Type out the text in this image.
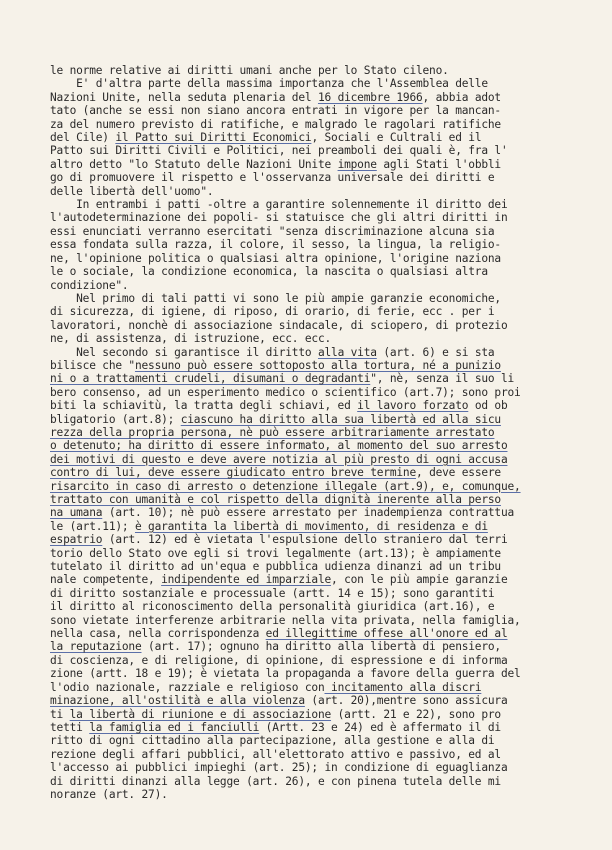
le norme relative ai diritti umani anche per lo Stato cileno.
E' d'altra parte della massima importanza che l'Assemblea delle
Nazioni Unite, nella seduta plenaria del 16 dicembre 1966, abbia adot
tato (anche se essi non siano ancora entrati in vigore per la mancan-
za del numero previsto di ratifiche, e malgrado le ragolari ratifiche
del Cile) il Patto sui Diritti Economici, Sociali e Cultrali ed il
Patto sui Diritti Civili e Politici, nei preamboli dei quali è, fra l'
altro detto "lo Statuto delle Nazioni Unite impone agli Stati l'obbli
go di promuovere il rispetto e l'osservanza universale dei diritti e
delle libertà dell'uomo".
In entrambi i patti -oltre a garantire solennemente il diritto dei
l'autodeterminazione dei popoli- si statuisce che gli altri diritti in
essi enunciati verranno esercitati "senza discriminazione alcuna sia
essa fondata sulla razza, il colore, il sesso, la lingua, la religio-
ne, l'opinione politica o qualsiasi altra opinione, l'origine naziona
le o sociale, la condizione economica, la nascita o qualsiasi altra
condizione".
Nel primo di tali patti vi sono le più ampie garanzie economiche,
di sicurezza, di igiene, di riposo, di orario, di ferie, ecc . per i
lavoratori, nonchè di associazione sindacale, di sciopero, di protezio
ne, di assistenza, di istruzione, ecc. ecc.
Nel secondo si garantisce il diritto alla vita (art. 6) e si sta
bilisce che "nessuno può essere sottoposto alla tortura, né a punizio
ni o a trattamenti crudeli, disumani o degradanti", nè, senza il suo li
bero consenso, ad un esperimento medico o scientifico (art.7); sono proi
biti la schiavitù, la tratta degli schiavi, ed il lavoro forzato od ob
bligatorio (art.8); ciascuno ha diritto alla sua libertà ed alla sicu
rezza della propria persona, nè può essere arbitrariamente arrestato
o detenuto; ha diritto di essere informato, al momento del suo arresto
dei motivi di questo e deve avere notizia al più presto di ogni accusa
contro di lui, deve essere giudicato entro breve termine, deve essere
risarcito in caso di arresto o detenzione illegale (art.9), e, comunque,
trattato con umanità e col rispetto della dignità inerente alla perso
na umana (art. 10); nè può essere arrestato per inadempienza contrattua
le (art.11); è garantita la libertà di movimento, di residenza e di
espatrio (art. 12) ed è vietata l'espulsione dello straniero dal terri
torio dello Stato ove egli si trovi legalmente (art.13); è ampiamente
tutelato il diritto ad un'equa e pubblica udienza dinanzi ad un tribu
nale competente, indipendente ed imparziale, con le più ampie garanzie
di diritto sostanziale e processuale (artt. 14 e 15); sono garantiti
il diritto al riconoscimento della personalità giuridica (art.16), e
sono vietate interferenze arbitrarie nella vita privata, nella famiglia,
nella casa, nella corrispondenza ed illegittime offese all'onore ed al
la reputazione (art. 17); ognuno ha diritto alla libertà di pensiero,
di coscienza, e di religione, di opinione, di espressione e di informa
zione (artt. 18 e 19); è vietata la propaganda a favore della guerra del
l'odio nazionale, razziale e religioso con incitamento alla discri
minazione, all'ostilità e alla violenza (art. 20),mentre sono assicura
ti la libertà di riunione e di associazione (artt. 21 e 22), sono pro
tetti la famiglia ed i fanciulli (Artt. 23 e 24) ed è affermato il di
ritto di ogni cittadino alla partecipazione, alla gestione e alla di
rezione degli affari pubblici, all'elettorato attivo e passivo, ed al
l'accesso ai pubblici impieghi (art. 25); in condizione di eguaglianza
di diritti dinanzi alla legge (art. 26), e con pinena tutela delle mi
noranze (art. 27).
